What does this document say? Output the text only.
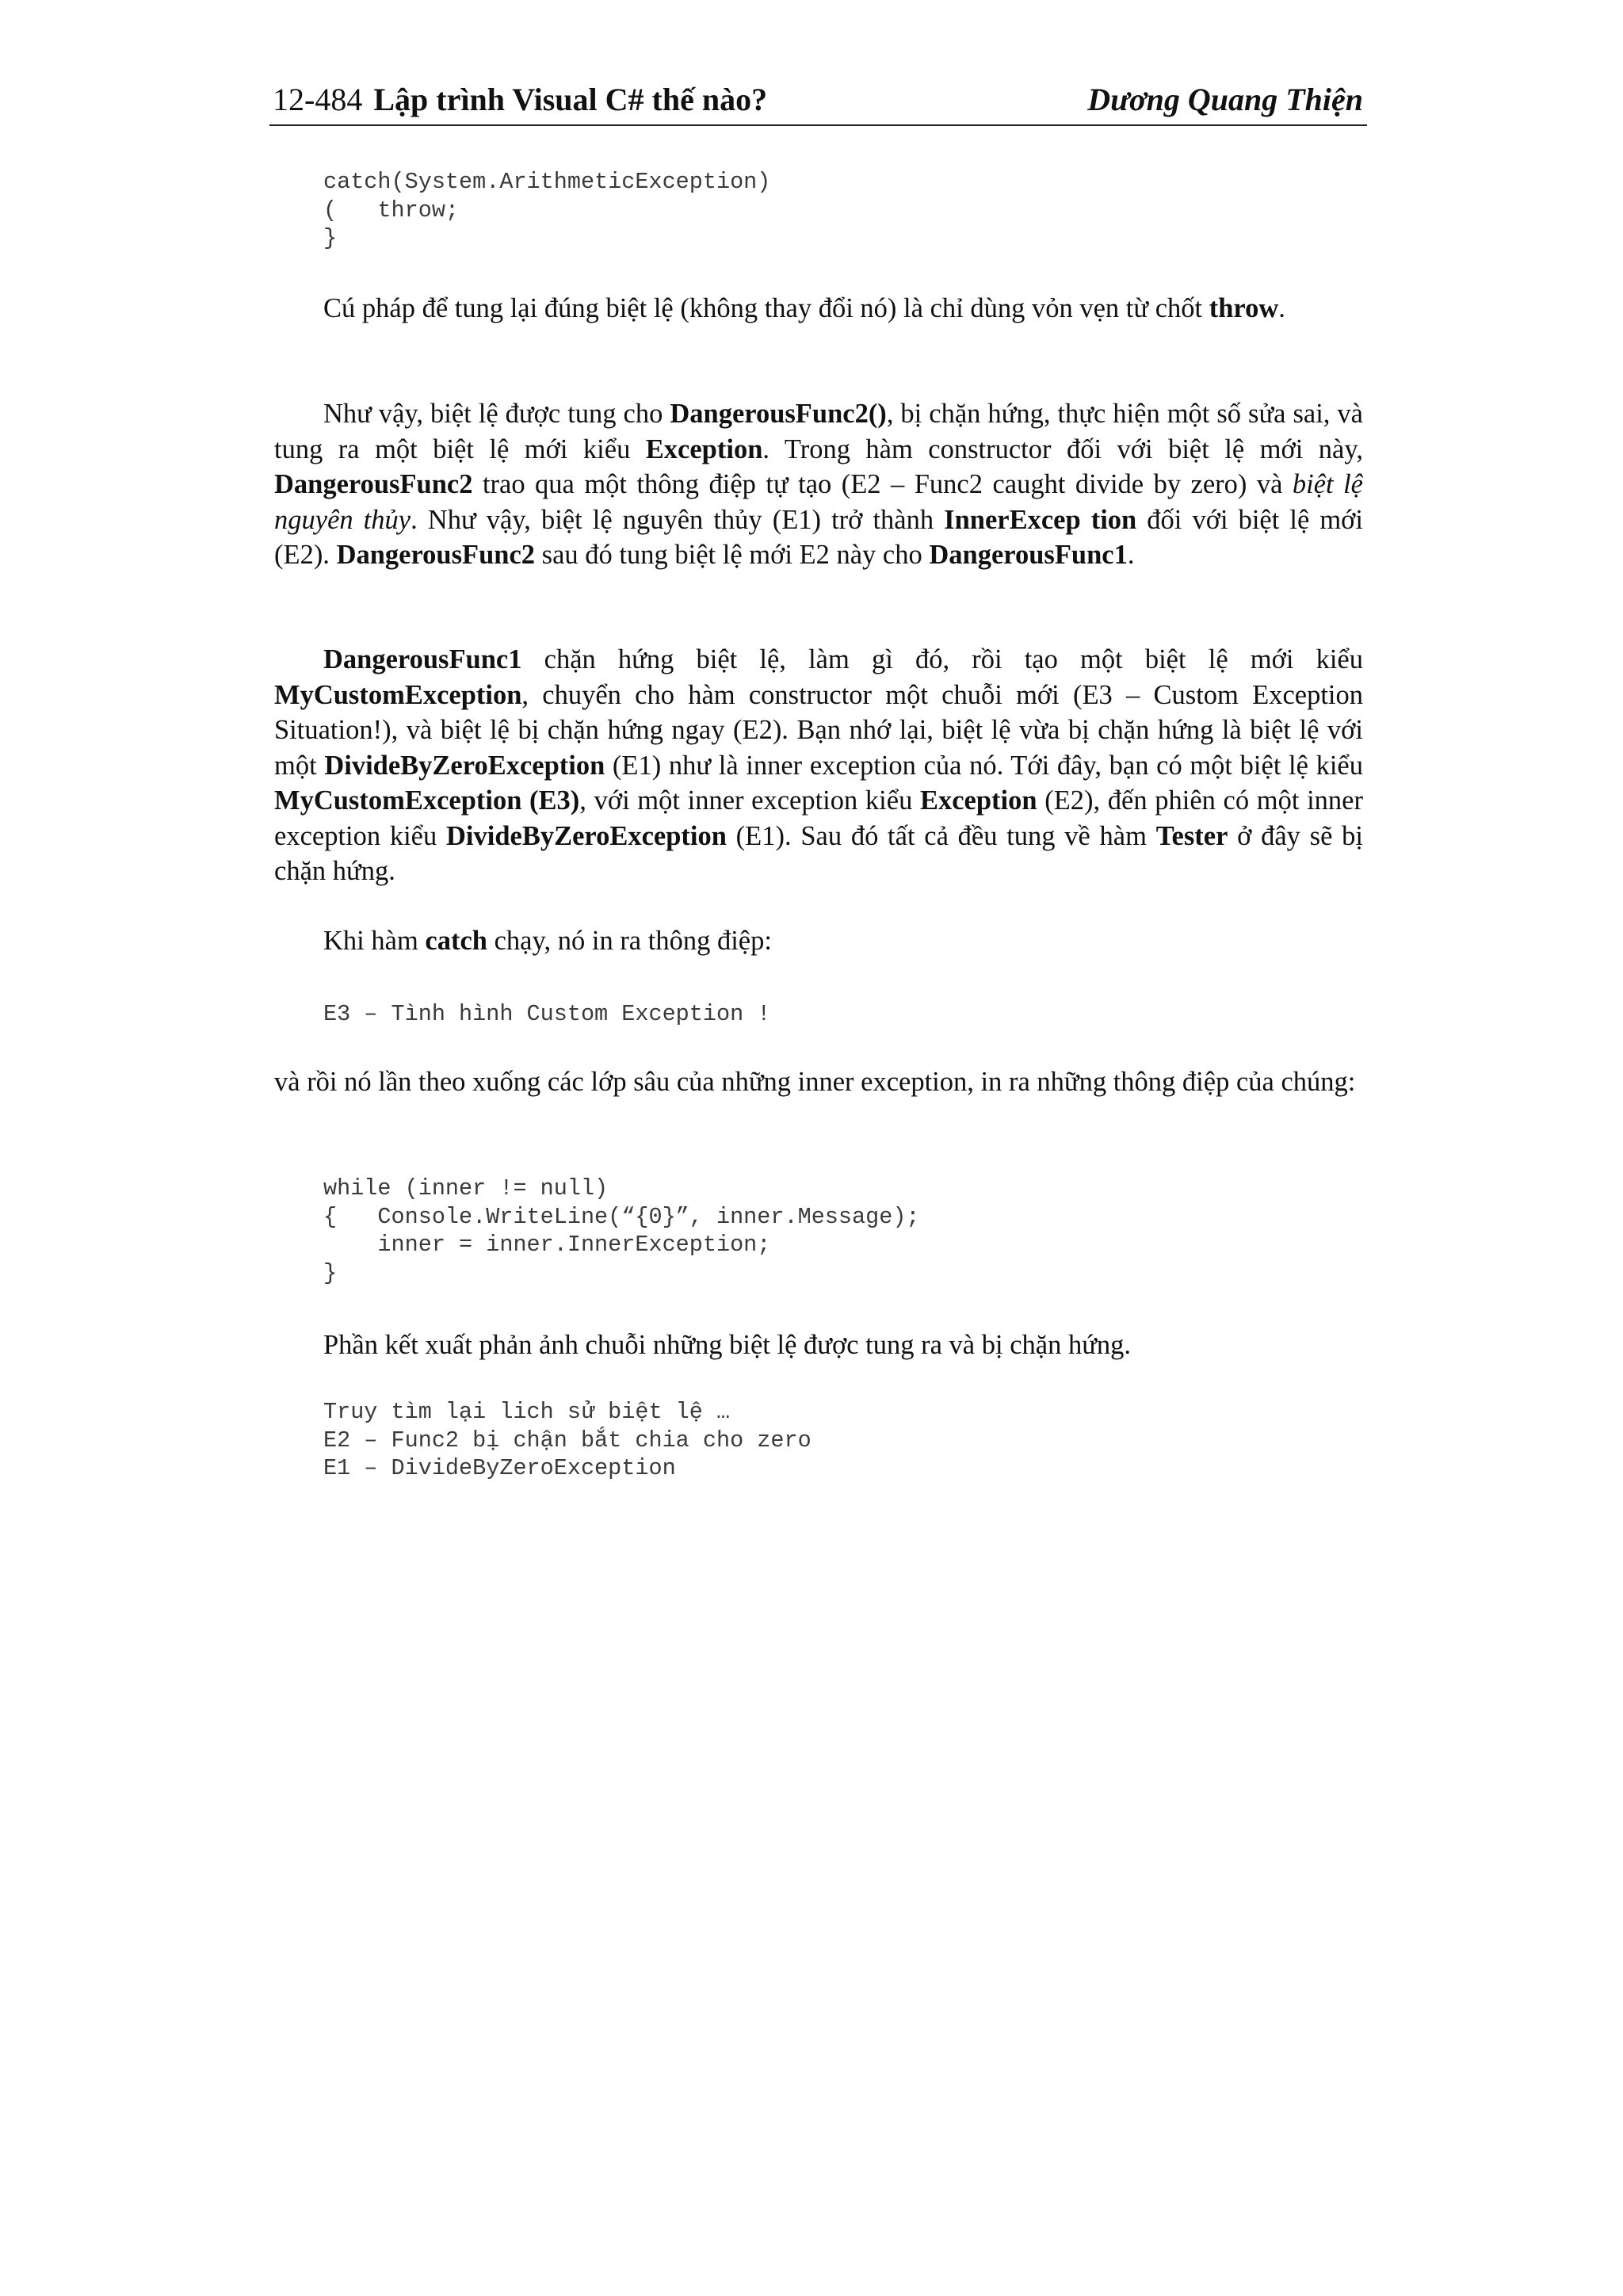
12-484 Lập trình Visual C# thế nào?	Dương Quang Thiện
catch(System.ArithmeticException)
(   throw;
}

Cú pháp để tung lại đúng biệt lệ (không thay đổi nó) là chỉ dùng vỏn vẹn từ chốt throw.

Như vậy, biệt lệ được tung cho DangerousFunc2(), bị chặn hứng, thực hiện một số sửa sai, và tung ra một biệt lệ mới kiểu Exception. Trong hàm constructor đối với biệt lệ mới này, DangerousFunc2 trao qua một thông điệp tự tạo (E2 – Func2 caught divide by zero) và biệt lệ nguyên thủy. Như vậy, biệt lệ nguyên thủy (E1) trở thành InnerExcep tion đối với biệt lệ mới (E2). DangerousFunc2 sau đó tung biệt lệ mới E2 này cho DangerousFunc1.

DangerousFunc1 chặn hứng biệt lệ, làm gì đó, rồi tạo một biệt lệ mới kiểu MyCustomException, chuyển cho hàm constructor một chuỗi mới (E3 – Custom Exception Situation!), và biệt lệ bị chặn hứng ngay (E2). Bạn nhớ lại, biệt lệ vừa bị chặn hứng là biệt lệ với một DivideByZeroException (E1) như là inner exception của nó. Tới đây, bạn có một biệt lệ kiểu MyCustomException (E3), với một inner exception kiểu Exception (E2), đến phiên có một inner exception kiểu DivideByZeroException (E1). Sau đó tất cả đều tung về hàm Tester ở đây sẽ bị chặn hứng.

Khi hàm catch chạy, nó in ra thông điệp:

E3 – Tình hình Custom Exception !

và rồi nó lần theo xuống các lớp sâu của những inner exception, in ra những thông điệp của chúng:

while (inner != null)
{   Console.WriteLine(“{0}”, inner.Message);
inner = inner.InnerException;
}

Phần kết xuất phản ảnh chuỗi những biệt lệ được tung ra và bị chặn hứng.

Truy tìm lại lich sử biệt lệ …
E2 – Func2 bị chận bắt chia cho zero
E1 – DivideByZeroException
